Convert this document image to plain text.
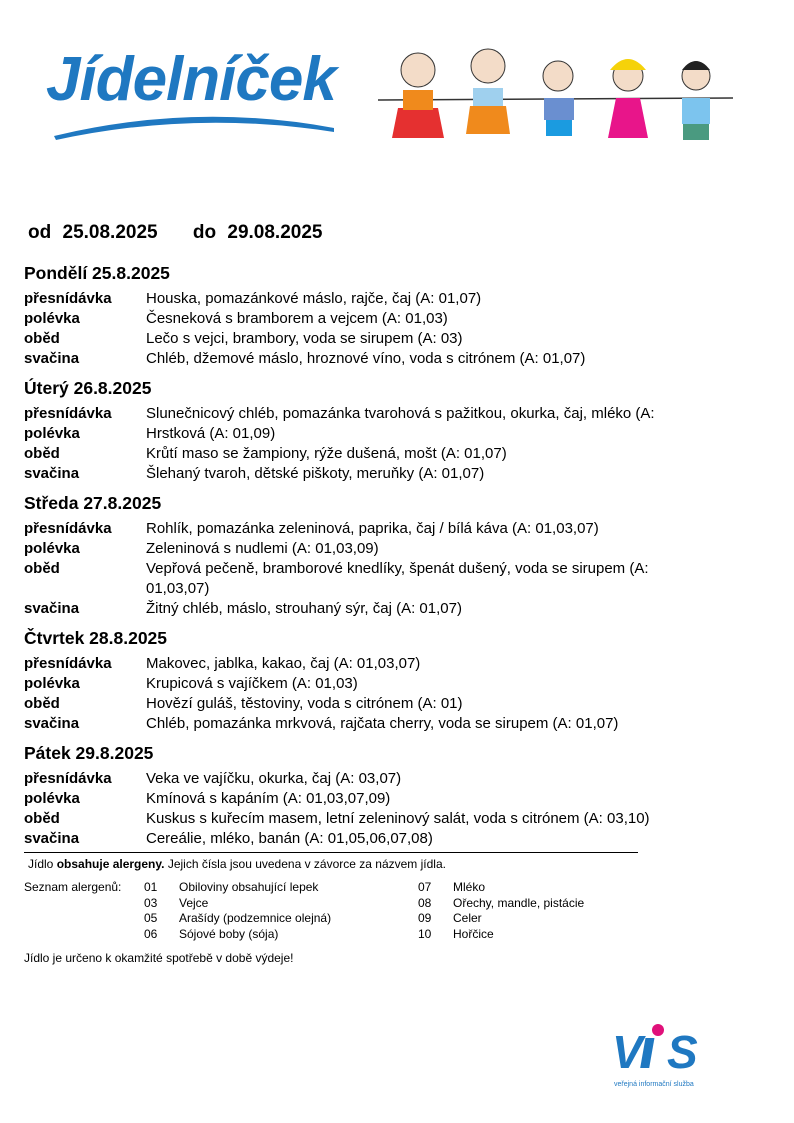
Jídelníček
od 25.08.2025 do 29.08.2025
Pondělí 25.8.2025
přesnídávka	Houska, pomazánkové máslo, rajče, čaj (A: 01,07)
polévka	Česneková s bramborem a vejcem (A: 01,03)
oběd	Lečo s vejci, brambory, voda se sirupem (A: 03)
svačina	Chléb, džemové máslo, hroznové víno, voda s citrónem (A: 01,07)
Úterý 26.8.2025
přesnídávka	Slunečnicový chléb, pomazánka tvarohová s pažitkou, okurka, čaj, mléko (A:
polévka	Hrstková (A: 01,09)
oběd	Krůtí maso se žampiony, rýže dušená, mošt (A: 01,07)
svačina	Šlehaný tvaroh, dětské piškoty, meruňky (A: 01,07)
Středa 27.8.2025
přesnídávka	Rohlík, pomazánka zeleninová, paprika, čaj / bílá káva (A: 01,03,07)
polévka	Zeleninová s nudlemi (A: 01,03,09)
oběd	Vepřová pečeně, bramborové knedlíky, špenát dušený, voda se sirupem (A: 01,03,07)
svačina	Žitný chléb, máslo, strouhaný sýr, čaj (A: 01,07)
Čtvrtek 28.8.2025
přesnídávka	Makovec, jablka, kakao, čaj (A: 01,03,07)
polévka	Krupicová s vajíčkem (A: 01,03)
oběd	Hovězí guláš, těstoviny, voda s citrónem (A: 01)
svačina	Chléb, pomazánka mrkvová, rajčata cherry, voda se sirupem (A: 01,07)
Pátek 29.8.2025
přesnídávka	Veka ve vajíčku, okurka, čaj (A: 03,07)
polévka	Kmínová s kapáním (A: 01,03,07,09)
oběd	Kuskus s kuřecím masem, letní zeleninový salát, voda s citrónem (A: 03,10)
svačina	Cereálie, mléko, banán (A: 01,05,06,07,08)
Jídlo obsahuje alergeny. Jejich čísla jsou uvedena v závorce za názvem jídla.
Seznam alergenů: 01	Obiloviny obsahující lepek
03	Vejce
05	Arašídy (podzemnice olejná)
06	Sójové boby (sója)
07	Mléko
08	Ořechy, mandle, pistácie
09	Celer
10	Hořčice
Jídlo je určeno k okamžité spotřebě v době výdeje!
V S
veřejná informační služba
